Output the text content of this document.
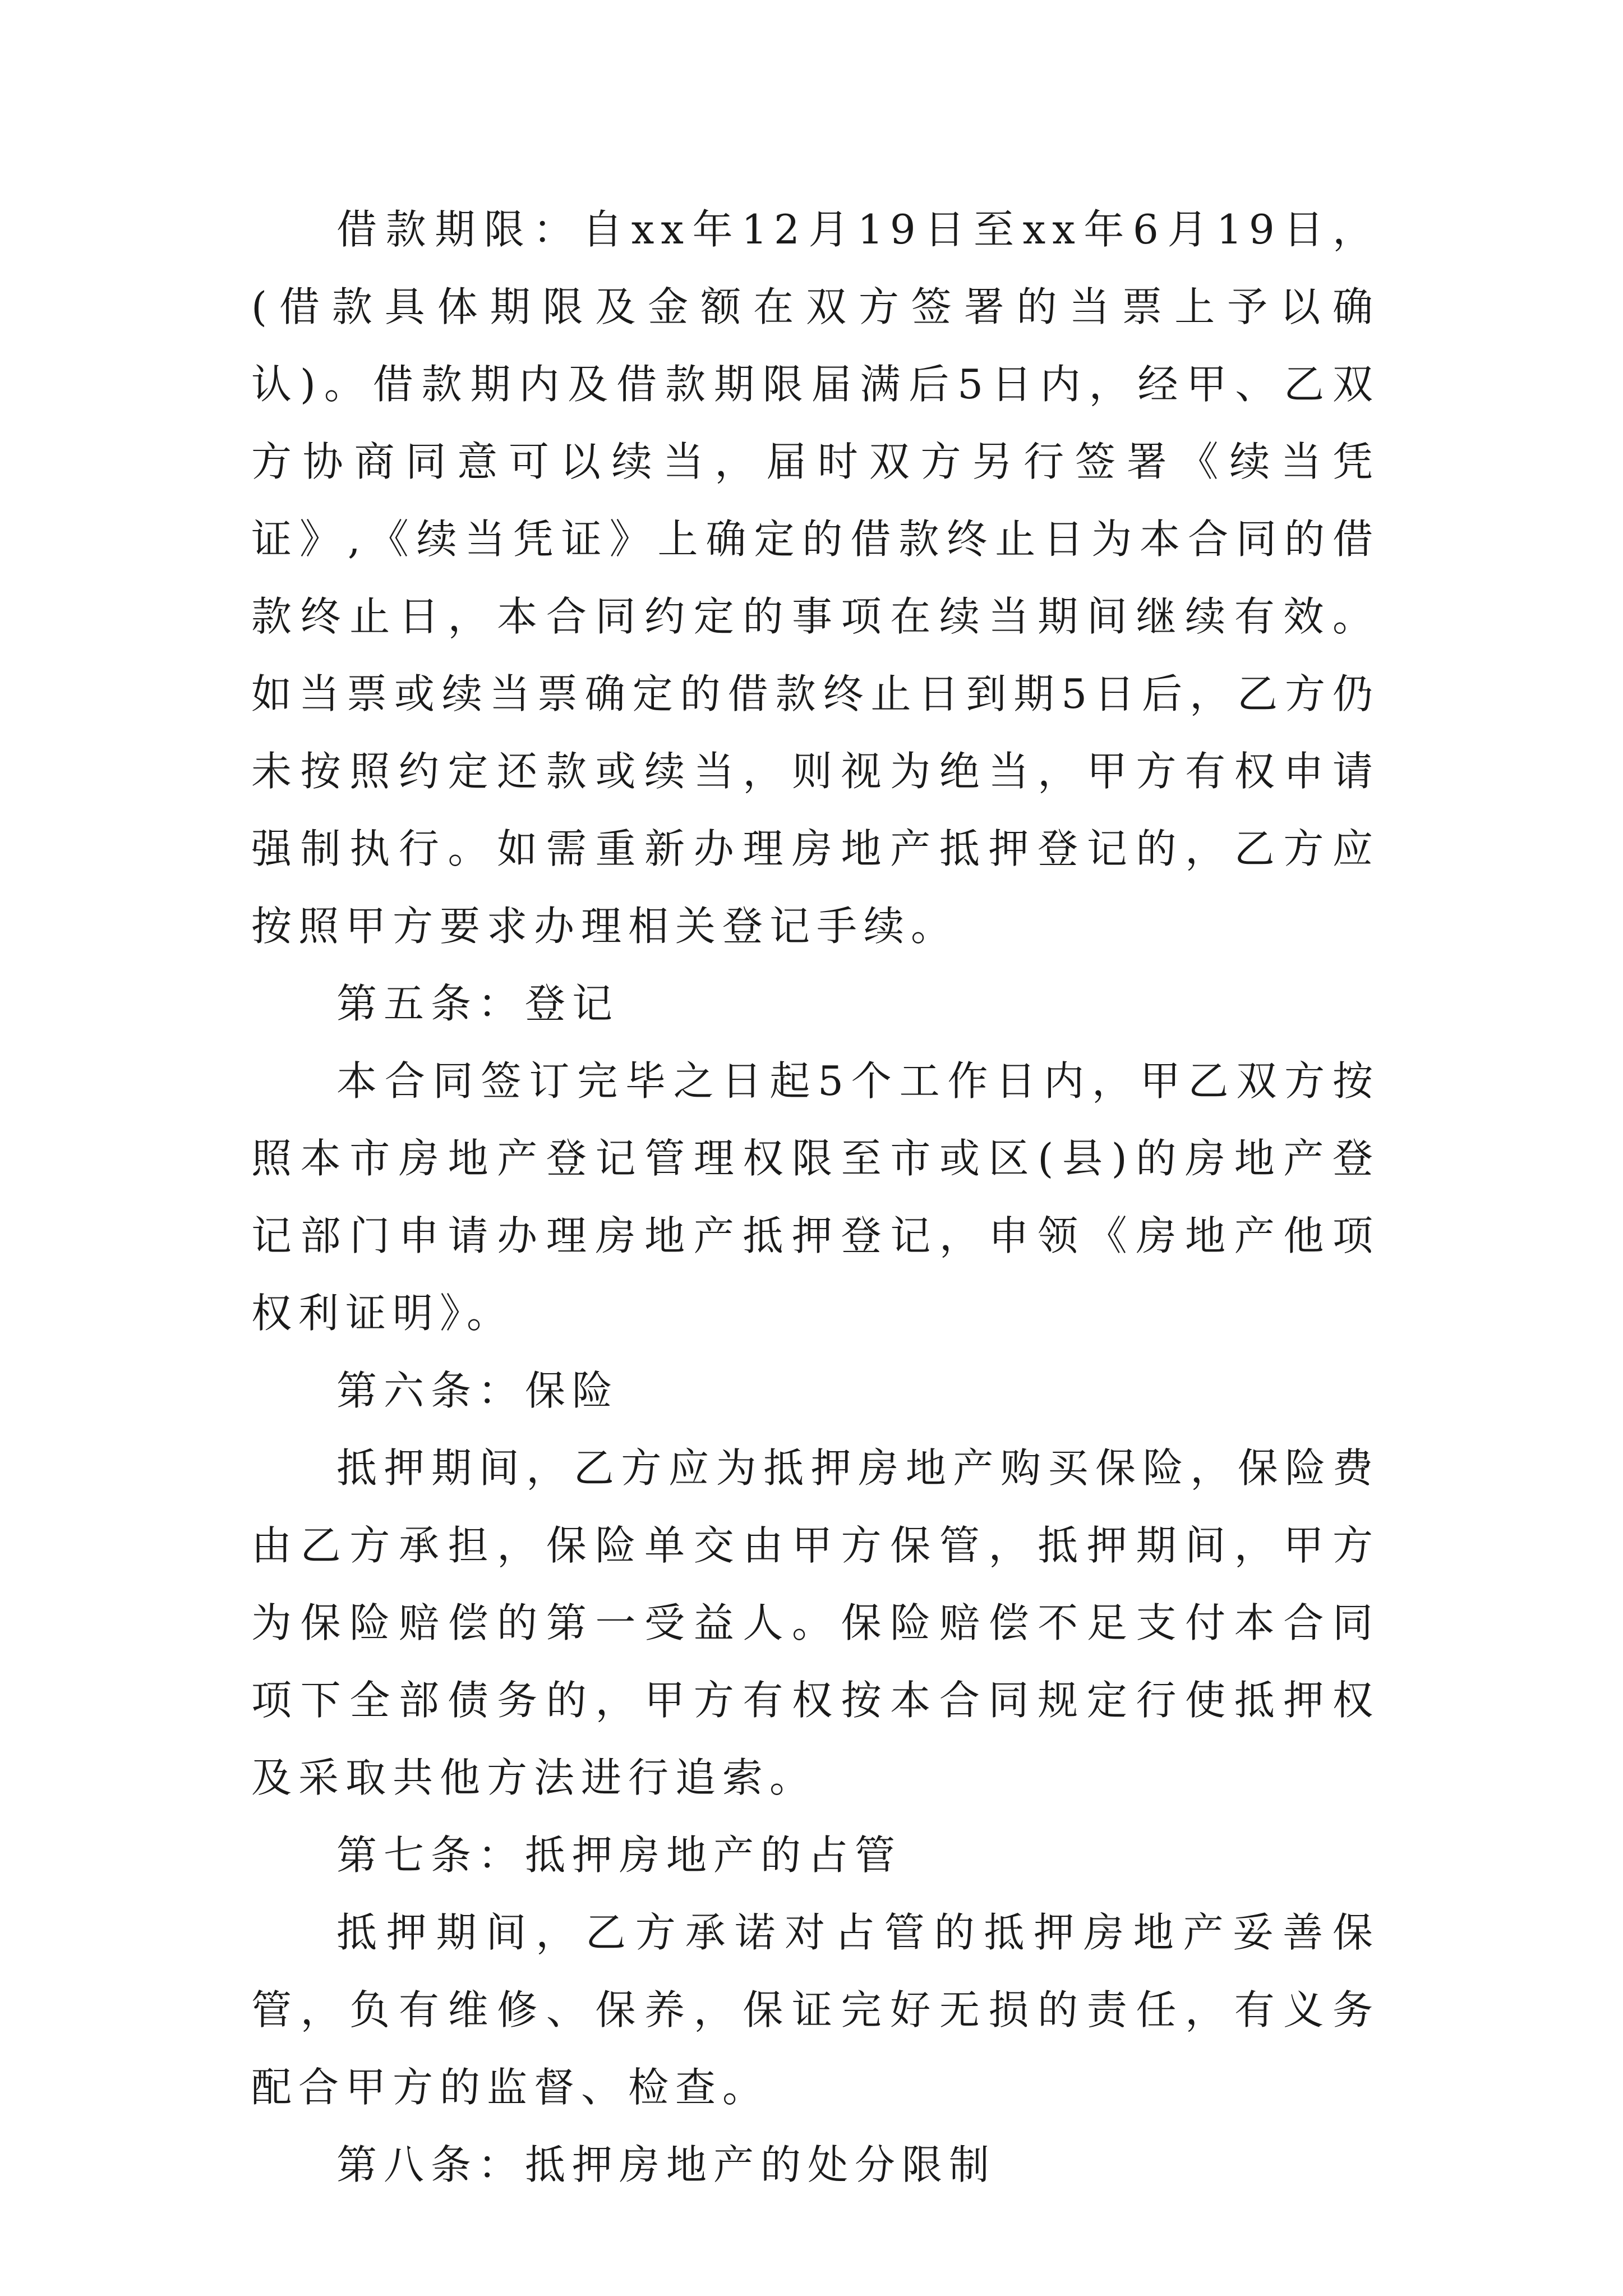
借款期限：自xx年12月19日至xx年6月19日，(借款具体期限及金额在双方签署的当票上予以确认)。借款期内及借款期限届满后5日内，经甲、乙双方协商同意可以续当，届时双方另行签署《续当凭证》,《续当凭证》上确定的借款终止日为本合同的借款终止日，本合同约定的事项在续当期间继续有效。如当票或续当票确定的借款终止日到期5日后，乙方仍未按照约定还款或续当，则视为绝当，甲方有权申请强制执行。如需重新办理房地产抵押登记的，乙方应按照甲方要求办理相关登记手续。

第五条：登记

本合同签订完毕之日起5个工作日内，甲乙双方按照本市房地产登记管理权限至市或区(县)的房地产登记部门申请办理房地产抵押登记，申领《房地产他项权利证明》。

第六条：保险

抵押期间，乙方应为抵押房地产购买保险，保险费由乙方承担，保险单交由甲方保管，抵押期间，甲方为保险赔偿的第一受益人。保险赔偿不足支付本合同项下全部债务的，甲方有权按本合同规定行使抵押权及采取共他方法进行追索。

第七条：抵押房地产的占管

抵押期间，乙方承诺对占管的抵押房地产妥善保管，负有维修、保养，保证完好无损的责任，有义务配合甲方的监督、检查。

第八条：抵押房地产的处分限制
